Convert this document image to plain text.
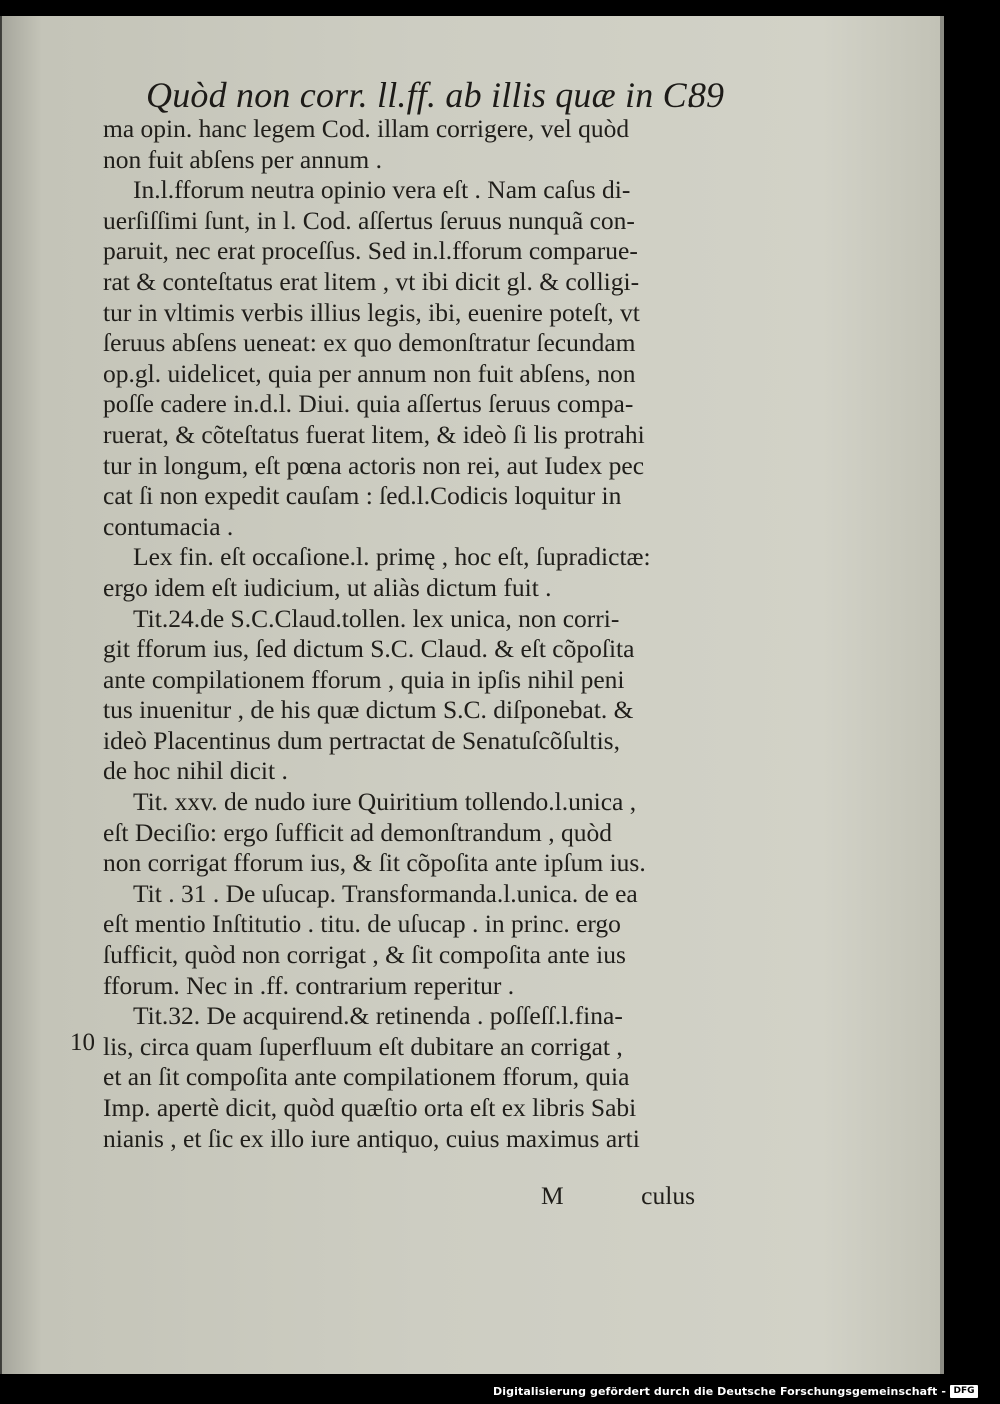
Quòd non corr. ll.ff. ab illis quæ in C.
89
ma opin. hanc legem Cod. illam corrigere, vel quòd
non fuit abſens per annum .
In.l.fforum neutra opinio vera eſt . Nam caſus di-
uerſiſſimi ſunt, in l. Cod. aſſertus ſeruus nunquã con-
paruit, nec erat proceſſus. Sed in.l.fforum comparue-
rat & conteſtatus erat litem , vt ibi dicit gl. & colligi-
tur in vltimis verbis illius legis, ibi, euenire poteſt, vt
ſeruus abſens ueneat: ex quo demonſtratur ſecundam
op.gl. uidelicet, quia per annum non fuit abſens, non
poſſe cadere in.d.l. Diui. quia aſſertus ſeruus compa-
ruerat, & cõteſtatus fuerat litem, & ideò ſi lis protrahi
tur in longum, eſt pœna actoris non rei, aut Iudex pec
cat ſi non expedit cauſam : ſed.l.Codicis loquitur in
contumacia .
Lex fin. eſt occaſione.l. primę , hoc eſt, ſupradictæ:
ergo idem eſt iudicium, ut aliàs dictum fuit .
Tit.24.de S.C.Claud.tollen. lex unica, non corri-
git fforum ius, ſed dictum S.C. Claud. & eſt cõpoſita
ante compilationem fforum , quia in ipſis nihil peni
tus inuenitur , de his quæ dictum S.C. diſponebat. &
ideò Placentinus dum pertractat de Senatuſcõſultis,
de hoc nihil dicit .
Tit. xxv. de nudo iure Quiritium tollendo.l.unica ,
eſt Deciſio: ergo ſufficit ad demonſtrandum , quòd
non corrigat fforum ius, & ſit cõpoſita ante ipſum ius.
Tit . 31 . De uſucap. Transformanda.l.unica. de ea
eſt mentio Inſtitutio . titu. de uſucap . in princ. ergo
ſufficit, quòd non corrigat , & ſit compoſita ante ius
fforum. Nec in .ff. contrarium reperitur .
Tit.32. De acquirend.& retinenda . poſſeſſ.l.fina-
lis, circa quam ſuperfluum eſt dubitare an corrigat ,
et an ſit compoſita ante compilationem fforum, quia
Imp. apertè dicit, quòd quæſtio orta eſt ex libris Sabi
nianis , et ſic ex illo iure antiquo, cuius maximus arti
10
M	culus
Digitalisierung gefördert durch die Deutsche Forschungsgemeinschaft - DFG
